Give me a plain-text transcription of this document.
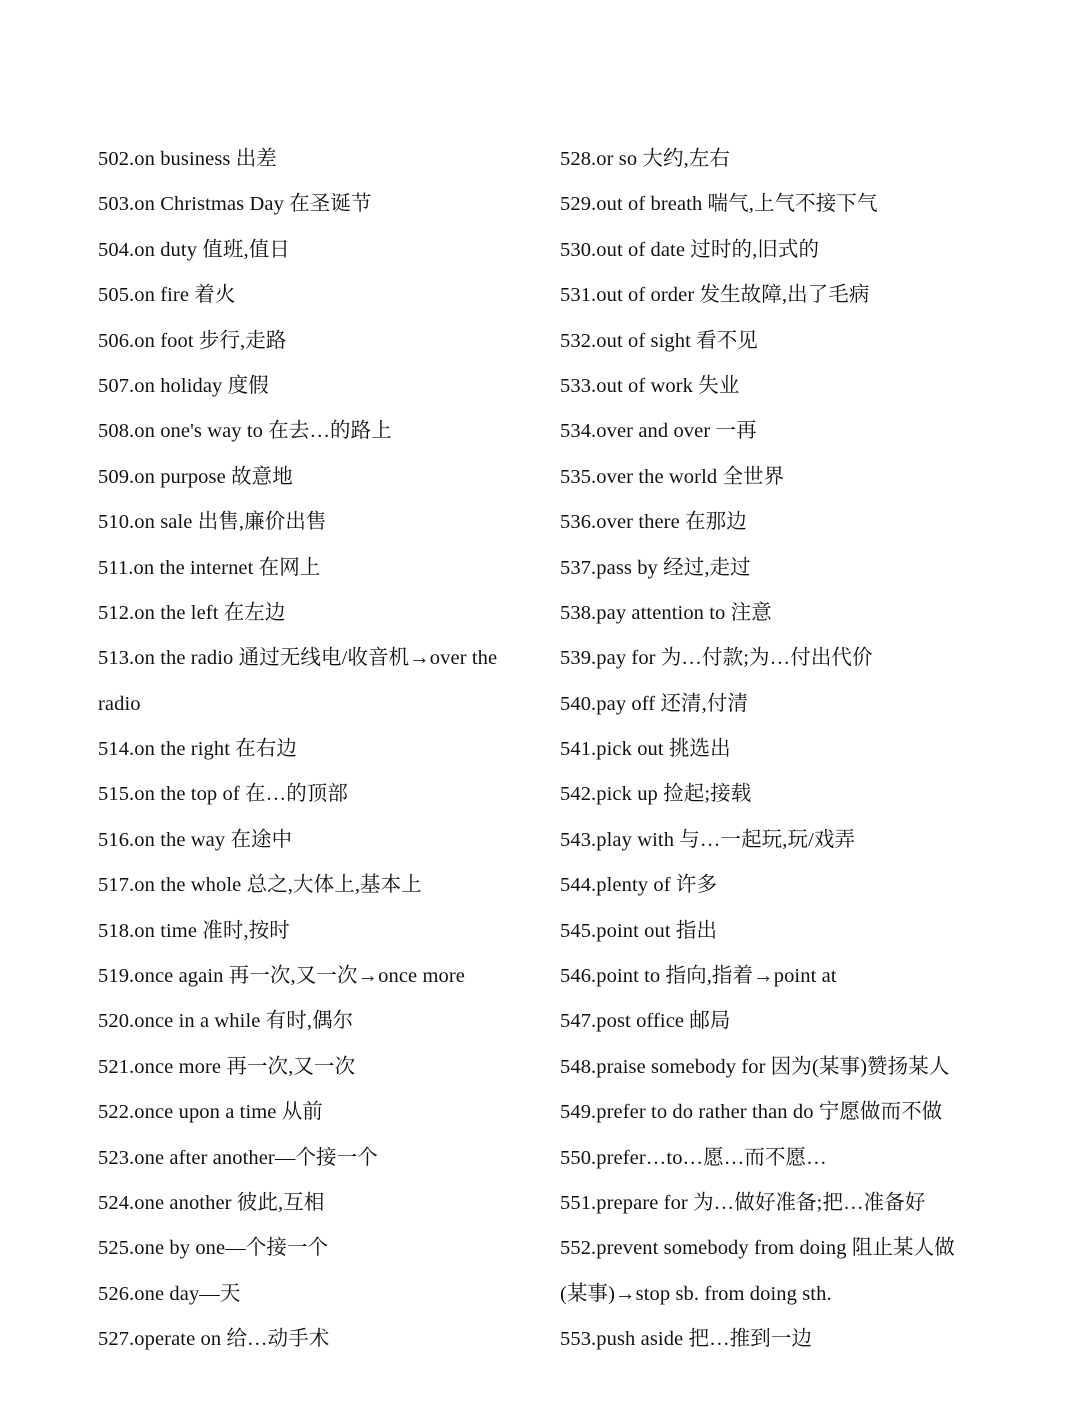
502.on business 出差
503.on Christmas Day 在圣诞节
504.on duty 值班,值日
505.on fire 着火
506.on foot 步行,走路
507.on holiday 度假
508.on one's way to 在去…的路上
509.on purpose 故意地
510.on sale 出售,廉价出售
511.on the internet 在网上
512.on the left 在左边
513.on the radio 通过无线电/收音机→over the
radio
514.on the right 在右边
515.on the top of 在…的顶部
516.on the way 在途中
517.on the whole 总之,大体上,基本上
518.on time 准时,按时
519.once again 再一次,又一次→once more
520.once in a while 有时,偶尔
521.once more 再一次,又一次
522.once upon a time 从前
523.one after another—个接一个
524.one another 彼此,互相
525.one by one—个接一个
526.one day—天
527.operate on 给…动手术
528.or so 大约,左右
529.out of breath 喘气,上气不接下气
530.out of date 过时的,旧式的
531.out of order 发生故障,出了毛病
532.out of sight 看不见
533.out of work 失业
534.over and over 一再
535.over the world 全世界
536.over there 在那边
537.pass by 经过,走过
538.pay attention to 注意
539.pay for 为…付款;为…付出代价
540.pay off 还清,付清
541.pick out 挑选出
542.pick up 捡起;接载
543.play with 与…一起玩,玩/戏弄
544.plenty of 许多
545.point out 指出
546.point to 指向,指着→point at
547.post office 邮局
548.praise somebody for 因为(某事)赞扬某人
549.prefer to do rather than do 宁愿做而不做
550.prefer…to…愿…而不愿…
551.prepare for 为…做好准备;把…准备好
552.prevent somebody from doing 阻止某人做
(某事)→stop sb. from doing sth.
553.push aside 把…推到一边
